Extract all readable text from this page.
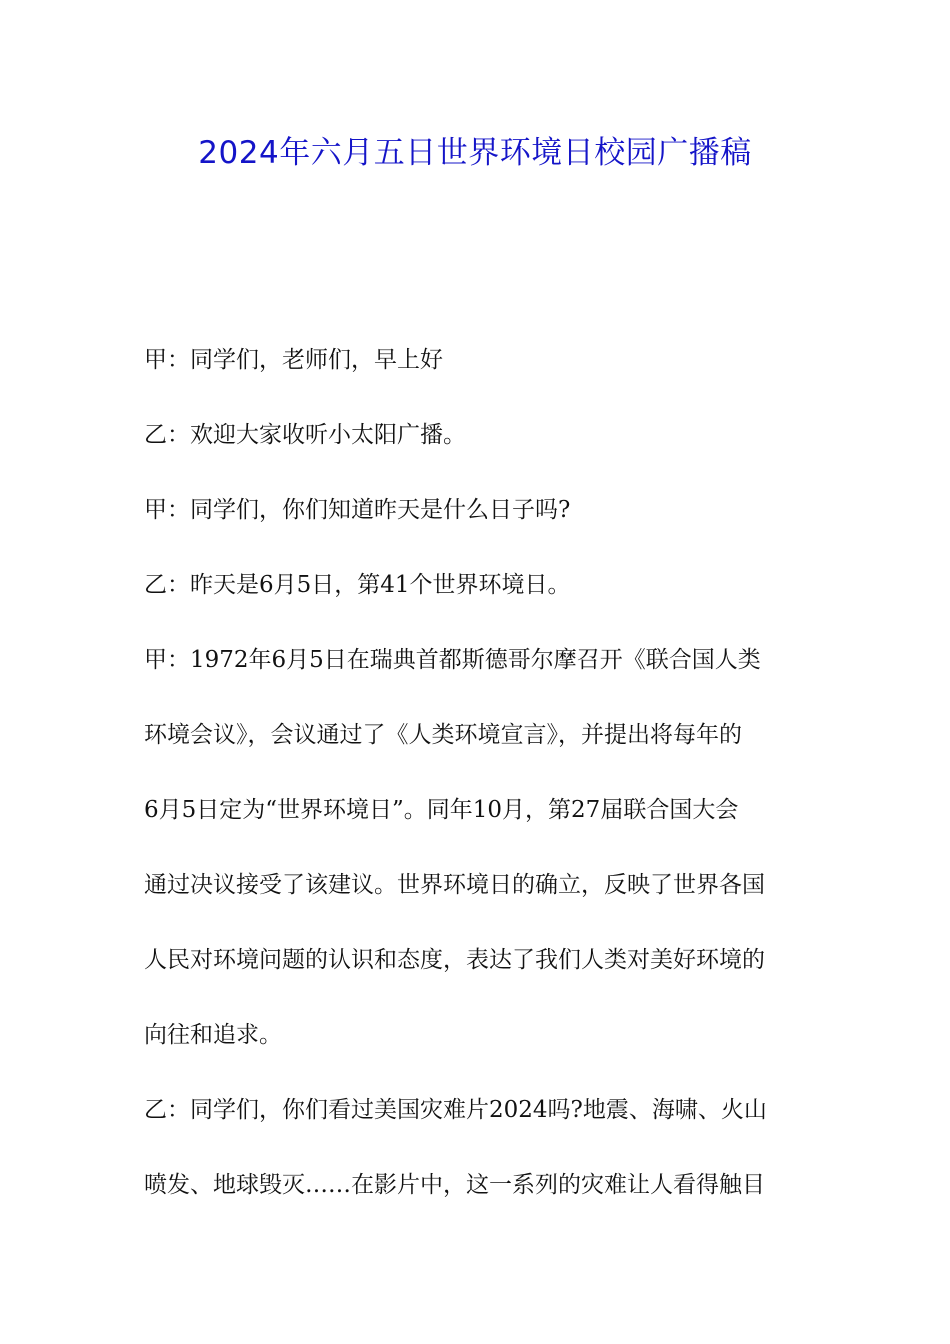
2024年六月五日世界环境日校园广播稿
甲：同学们，老师们，早上好
乙：欢迎大家收听小太阳广播。
甲：同学们，你们知道昨天是什么日子吗?
乙：昨天是6月5日，第41个世界环境日。
甲：1972年6月5日在瑞典首都斯德哥尔摩召开《联合国人类
环境会议》，会议通过了《人类环境宣言》，并提出将每年的
6月5日定为“世界环境日”。同年10月，第27届联合国大会
通过决议接受了该建议。世界环境日的确立，反映了世界各国
人民对环境问题的认识和态度，表达了我们人类对美好环境的
向往和追求。
乙：同学们，你们看过美国灾难片2024吗?地震、海啸、火山
喷发、地球毁灭……在影片中，这一系列的灾难让人看得触目
